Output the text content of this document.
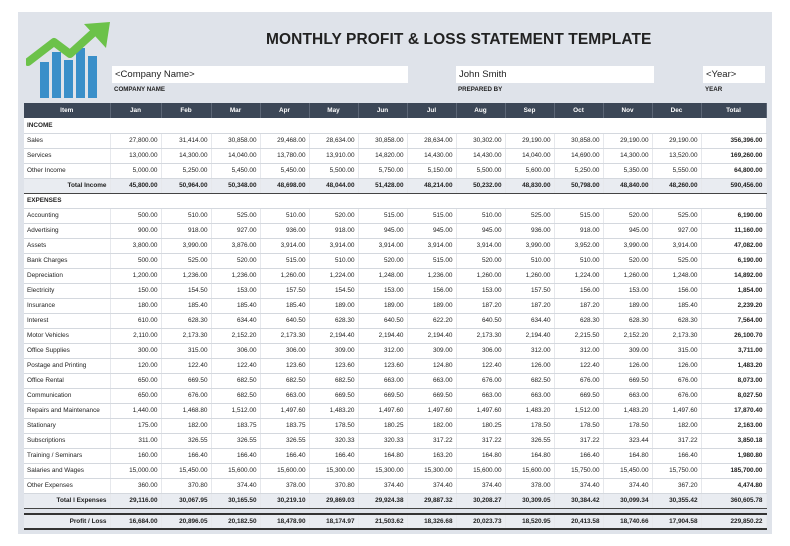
MONTHLY PROFIT & LOSS STATEMENT TEMPLATE
<Company Name>
COMPANY NAME
John Smith
PREPARED BY
<Year>
YEAR
Item	Jan	Feb	Mar	Apr	May	Jun	Jul	Aug	Sep	Oct	Nov	Dec	Total
INCOME													
Sales	27,800.00	31,414.00	30,858.00	29,468.00	28,634.00	30,858.00	28,634.00	30,302.00	29,190.00	30,858.00	29,190.00	29,190.00	356,396.00
Services	13,000.00	14,300.00	14,040.00	13,780.00	13,910.00	14,820.00	14,430.00	14,430.00	14,040.00	14,690.00	14,300.00	13,520.00	169,260.00
Other Income	5,000.00	5,250.00	5,450.00	5,450.00	5,500.00	5,750.00	5,150.00	5,500.00	5,600.00	5,250.00	5,350.00	5,550.00	64,800.00
Total Income	45,800.00	50,964.00	50,348.00	48,698.00	48,044.00	51,428.00	48,214.00	50,232.00	48,830.00	50,798.00	48,840.00	48,260.00	590,456.00
EXPENSES													
Accounting	500.00	510.00	525.00	510.00	520.00	515.00	515.00	510.00	525.00	515.00	520.00	525.00	6,190.00
Advertising	900.00	918.00	927.00	936.00	918.00	945.00	945.00	945.00	936.00	918.00	945.00	927.00	11,160.00
Assets	3,800.00	3,990.00	3,876.00	3,914.00	3,914.00	3,914.00	3,914.00	3,914.00	3,990.00	3,952.00	3,990.00	3,914.00	47,082.00
Bank Charges	500.00	525.00	520.00	515.00	510.00	520.00	515.00	520.00	510.00	510.00	520.00	525.00	6,190.00
Depreciation	1,200.00	1,236.00	1,236.00	1,260.00	1,224.00	1,248.00	1,236.00	1,260.00	1,260.00	1,224.00	1,260.00	1,248.00	14,892.00
Electricity	150.00	154.50	153.00	157.50	154.50	153.00	156.00	153.00	157.50	156.00	153.00	156.00	1,854.00
Insurance	180.00	185.40	185.40	185.40	189.00	189.00	189.00	187.20	187.20	187.20	189.00	185.40	2,239.20
Interest	610.00	628.30	634.40	640.50	628.30	640.50	622.20	640.50	634.40	628.30	628.30	628.30	7,564.00
Motor Vehicles	2,110.00	2,173.30	2,152.20	2,173.30	2,194.40	2,194.40	2,194.40	2,173.30	2,194.40	2,215.50	2,152.20	2,173.30	26,100.70
Office Supplies	300.00	315.00	306.00	306.00	309.00	312.00	309.00	306.00	312.00	312.00	309.00	315.00	3,711.00
Postage and Printing	120.00	122.40	122.40	123.60	123.60	123.60	124.80	122.40	126.00	122.40	126.00	126.00	1,483.20
Office Rental	650.00	669.50	682.50	682.50	682.50	663.00	663.00	676.00	682.50	676.00	669.50	676.00	8,073.00
Communication	650.00	676.00	682.50	663.00	669.50	669.50	669.50	663.00	663.00	669.50	663.00	676.00	8,027.50
Repairs and Maintenance	1,440.00	1,468.80	1,512.00	1,497.60	1,483.20	1,497.60	1,497.60	1,497.60	1,483.20	1,512.00	1,483.20	1,497.60	17,870.40
Stationary	175.00	182.00	183.75	183.75	178.50	180.25	182.00	180.25	178.50	178.50	178.50	182.00	2,163.00
Subscriptions	311.00	326.55	326.55	326.55	320.33	320.33	317.22	317.22	326.55	317.22	323.44	317.22	3,850.18
Training / Seminars	160.00	166.40	166.40	166.40	166.40	164.80	163.20	164.80	164.80	166.40	164.80	166.40	1,980.80
Salaries and Wages	15,000.00	15,450.00	15,600.00	15,600.00	15,300.00	15,300.00	15,300.00	15,600.00	15,600.00	15,750.00	15,450.00	15,750.00	185,700.00
Other Expenses	360.00	370.80	374.40	378.00	370.80	374.40	374.40	374.40	378.00	374.40	374.40	367.20	4,474.80
Total l Expenses	29,116.00	30,067.95	30,165.50	30,219.10	29,869.03	29,924.38	29,887.32	30,208.27	30,309.05	30,384.42	30,099.34	30,355.42	360,605.78

Profit / Loss	16,684.00	20,896.05	20,182.50	18,478.90	18,174.97	21,503.62	18,326.68	20,023.73	18,520.95	20,413.58	18,740.66	17,904.58	229,850.22
